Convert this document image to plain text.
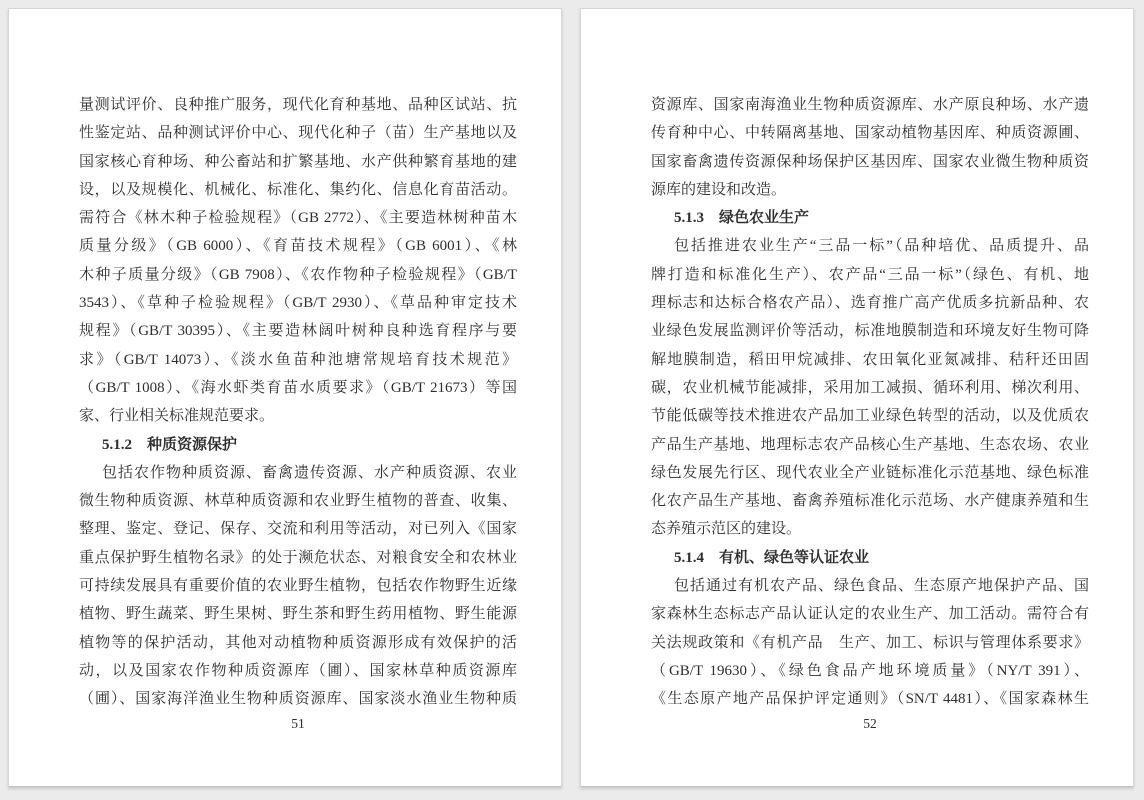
量测试评价、良种推广服务，现代化育种基地、品种区试站、抗
性鉴定站、品种测试评价中心、现代化种子（苗）生产基地以及
国家核心育种场、种公畜站和扩繁基地、水产供种繁育基地的建
设，以及规模化、机械化、标准化、集约化、信息化育苗活动。
需符合《林木种子检验规程》（GB 2772）、《主要造林树种苗木
质量分级》（GB 6000）、《育苗技术规程》（GB 6001）、《林
木种子质量分级》（GB 7908）、《农作物种子检验规程》（GB/T
3543）、《草种子检验规程》（GB/T 2930）、《草品种审定技术
规程》（GB/T 30395）、《主要造林阔叶树种良种选育程序与要
求》（GB/T 14073）、《淡水鱼苗种池塘常规培育技术规范》
（GB/T 1008）、《海水虾类育苗水质要求》（GB/T 21673）等国
家、行业相关标准规范要求。
5.1.2　种质资源保护
包括农作物种质资源、畜禽遗传资源、水产种质资源、农业
微生物种质资源、林草种质资源和农业野生植物的普查、收集、
整理、鉴定、登记、保存、交流和利用等活动，对已列入《国家
重点保护野生植物名录》的处于濒危状态、对粮食安全和农林业
可持续发展具有重要价值的农业野生植物，包括农作物野生近缘
植物、野生蔬菜、野生果树、野生茶和野生药用植物、野生能源
植物等的保护活动，其他对动植物种质资源形成有效保护的活
动，以及国家农作物种质资源库（圃）、国家林草种质资源库
（圃）、国家海洋渔业生物种质资源库、国家淡水渔业生物种质
51
资源库、国家南海渔业生物种质资源库、水产原良种场、水产遗
传育种中心、中转隔离基地、国家动植物基因库、种质资源圃、
国家畜禽遗传资源保种场保护区基因库、国家农业微生物种质资
源库的建设和改造。
5.1.3　绿色农业生产
包括推进农业生产“三品一标”（品种培优、品质提升、品
牌打造和标准化生产）、农产品“三品一标”（绿色、有机、地
理标志和达标合格农产品）、选育推广高产优质多抗新品种、农
业绿色发展监测评价等活动，标准地膜制造和环境友好生物可降
解地膜制造，稻田甲烷减排、农田氧化亚氮减排、秸秆还田固
碳，农业机械节能减排，采用加工减损、循环利用、梯次利用、
节能低碳等技术推进农产品加工业绿色转型的活动，以及优质农
产品生产基地、地理标志农产品核心生产基地、生态农场、农业
绿色发展先行区、现代农业全产业链标准化示范基地、绿色标准
化农产品生产基地、畜禽养殖标准化示范场、水产健康养殖和生
态养殖示范区的建设。
5.1.4　有机、绿色等认证农业
包括通过有机农产品、绿色食品、生态原产地保护产品、国
家森林生态标志产品认证认定的农业生产、加工活动。需符合有
关法规政策和《有机产品　生产、加工、标识与管理体系要求》
（GB/T 19630）、《绿色食品产地环境质量》（NY/T 391）、
《生态原产地产品保护评定通则》（SN/T 4481）、《国家森林生
52
